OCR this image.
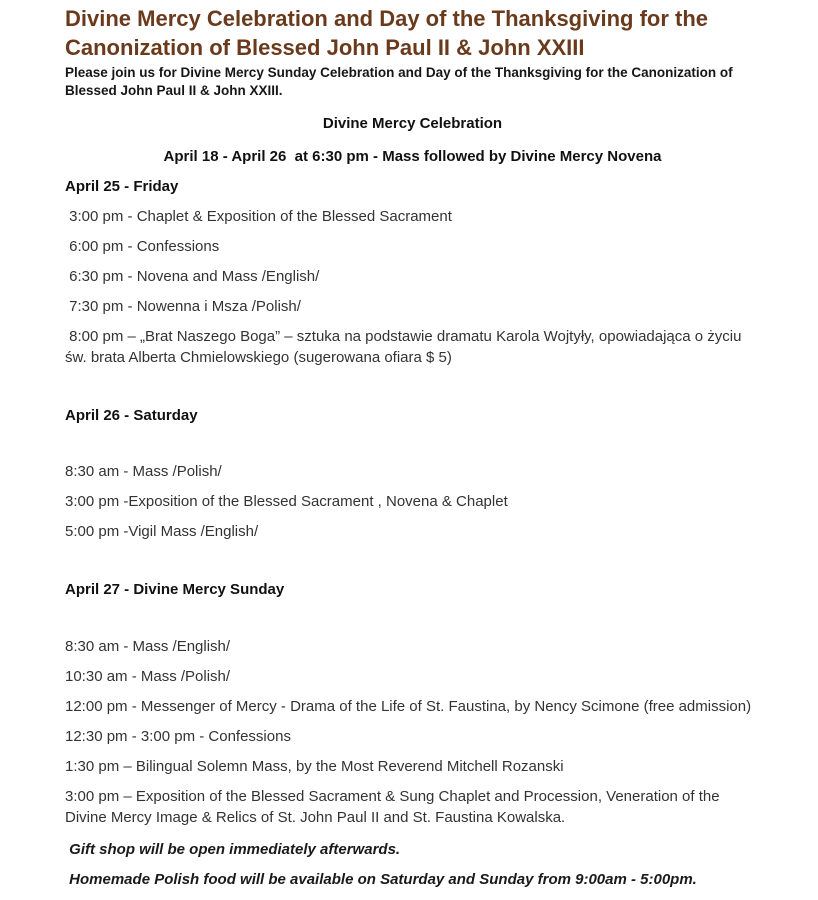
Divine Mercy Celebration and Day of the Thanksgiving for the Canonization of Blessed John Paul II & John XXIII

Please join us for Divine Mercy Sunday Celebration and Day of the Thanksgiving for the Canonization of Blessed John Paul II & John XXIII.

Divine Mercy Celebration

April 18 - April 26  at 6:30 pm - Mass followed by Divine Mercy Novena

April 25 - Friday

3:00 pm - Chaplet & Exposition of the Blessed Sacrament

6:00 pm - Confessions

6:30 pm - Novena and Mass /English/

7:30 pm - Nowenna i Msza /Polish/

8:00 pm – „Brat Naszego Boga” – sztuka na podstawie dramatu Karola Wojtyły, opowiadająca o życiu św. brata Alberta Chmielowskiego (sugerowana ofiara $ 5)

April 26 - Saturday

8:30 am - Mass /Polish/

3:00 pm -Exposition of the Blessed Sacrament , Novena & Chaplet

5:00 pm -Vigil Mass /English/

April 27 - Divine Mercy Sunday

8:30 am - Mass /English/

10:30 am - Mass /Polish/

12:00 pm - Messenger of Mercy - Drama of the Life of St. Faustina, by Nency Scimone (free admission)

12:30 pm - 3:00 pm - Confessions

1:30 pm – Bilingual Solemn Mass, by the Most Reverend Mitchell Rozanski

3:00 pm – Exposition of the Blessed Sacrament & Sung Chaplet and Procession, Veneration of the Divine Mercy Image & Relics of St. John Paul II and St. Faustina Kowalska.

Gift shop will be open immediately afterwards.

Homemade Polish food will be available on Saturday and Sunday from 9:00am - 5:00pm.
